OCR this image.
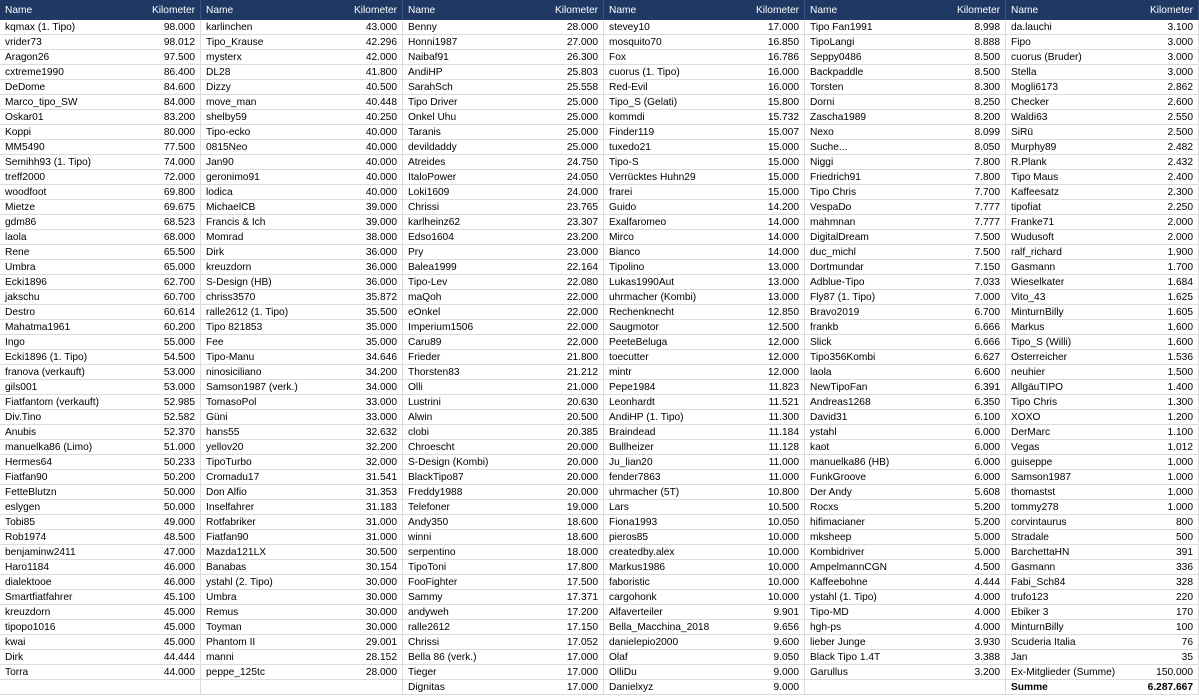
Name	Kilometer
kqmax (1. Tipo)	98.000
vrider73	98.012
Aragon26	97.500
cxtreme1990	86.400
DeDome	84.600
Marco_tipo_SW	84.000
Oskar01	83.200
Koppi	80.000
MM5490	77.500
Semihh93 (1. Tipo)	74.000
treff2000	72.000
woodfoot	69.800
Mietze	69.675
gdm86	68.523
laola	68.000
Rene	65.500
Umbra	65.000
Ecki1896	62.700
jakschu	60.700
Destro	60.614
Mahatma1961	60.200
Ingo	55.000
Ecki1896 (1. Tipo)	54.500
franova (verkauft)	53.000
gils001	53.000
Fiatfantom (verkauft)	52.985
Div.Tino	52.582
Anubis	52.370
manuelka86 (Limo)	51.000
Hermes64	50.233
Fiatfan90	50.200
FetteBlutzn	50.000
eslygen	50.000
Tobi85	49.000
Rob1974	48.500
benjaminw2411	47.000
Haro1184	46.000
dialektooe	46.000
Smartfiatfahrer	45.100
kreuzdorn	45.000
tipopo1016	45.000
kwai	45.000
Dirk	44.444
Torra	44.000
Name	Kilometer
karlinchen	43.000
Tipo_Krause	42.296
mysterx	42.000
DL28	41.800
Dizzy	40.500
move_man	40.448
shelby59	40.250
Tipo-ecko	40.000
0815Neo	40.000
Jan90	40.000
geronimo91	40.000
lodica	40.000
MichaelCB	39.000
Francis & Ich	39.000
Momrad	38.000
Dirk	36.000
kreuzdorn	36.000
S-Design (HB)	36.000
chriss3570	35.872
ralle2612 (1. Tipo)	35.500
Tipo 821853	35.000
Fee	35.000
Tipo-Manu	34.646
ninosiciliano	34.200
Samson1987 (verk.)	34.000
TomasoPol	33.000
Güni	33.000
hans55	32.632
yellov20	32.200
TipoTurbo	32.000
Cromadu17	31.541
Don Alfio	31.353
Inselfahrer	31.183
Rotfabriker	31.000
Fiatfan90	31.000
Mazda121LX	30.500
Banabas	30.154
ystahl (2. Tipo)	30.000
Umbra	30.000
Remus	30.000
Toyman	30.000
Phantom II	29.001
manni	28.152
peppe_125tc	28.000
Name	Kilometer
Benny	28.000
Honni1987	27.000
Naibaf91	26.300
AndiHP	25.803
SarahSch	25.558
Tipo Driver	25.000
Onkel Uhu	25.000
Taranis	25.000
devildaddy	25.000
Atreides	24.750
ItaloPower	24.050
Loki1609	24.000
Chrissi	23.765
karlheinz62	23.307
Edso1604	23.200
Pry	23.000
Balea1999	22.164
Tipo-Lev	22.080
maQoh	22.000
eOnkel	22.000
Imperium1506	22.000
Caru89	22.000
Frieder	21.800
Thorsten83	21.212
Olli	21.000
Lustrini	20.630
Alwin	20.500
clobi	20.385
Chroescht	20.000
S-Design (Kombi)	20.000
BlackTipo87	20.000
Freddy1988	20.000
Telefoner	19.000
Andy350	18.600
winni	18.600
serpentino	18.000
TipoToni	17.800
FooFighter	17.500
Sammy	17.371
andyweh	17.200
ralle2612	17.150
Chrissi	17.052
Bella 86 (verk.)	17.000
Tieger	17.000
Dignitas	17.000
Name	Kilometer
stevey10	17.000
mosquito70	16.850
Fox	16.786
cuorus (1. Tipo)	16.000
Red-Evil	16.000
Tipo_S (Gelati)	15.800
kommdi	15.732
Finder119	15.007
tuxedo21	15.000
Tipo-S	15.000
Verrücktes Huhn29	15.000
frarei	15.000
Guido	14.200
Exalfaromeo	14.000
Mirco	14.000
Bianco	14.000
Tipolino	13.000
Lukas1990Aut	13.000
uhrmacher (Kombi)	13.000
Rechenknecht	12.850
Saugmotor	12.500
PeeteBeluga	12.000
toecutter	12.000
mintr	12.000
Pepe1984	11.823
Leonhardt	11.521
AndiHP (1. Tipo)	11.300
Braindead	11.184
Bullheizer	11.128
Ju_lian20	11.000
fender7863	11.000
uhrmacher (5T)	10.800
Lars	10.500
Fiona1993	10.050
pieros85	10.000
createdby.alex	10.000
Markus1986	10.000
faboristic	10.000
cargohonk	10.000
Alfaverteiler	9.901
Bella_Macchina_2018	9.656
danielepio2000	9.600
Olaf	9.050
OlliDu	9.000
Danielxyz	9.000
Name	Kilometer
Tipo Fan1991	8.998
TipoLangi	8.888
Seppy0486	8.500
Backpaddle	8.500
Torsten	8.300
Dorni	8.250
Zascha1989	8.200
Nexo	8.099
Suche...	8.050
Niggi	7.800
Friedrich91	7.800
Tipo Chris	7.700
VespaDo	7.777
mahmnan	7.777
DigitalDream	7.500
duc_michl	7.500
Dortmundar	7.150
Adblue-Tipo	7.033
Fly87 (1. Tipo)	7.000
Bravo2019	6.700
frankb	6.666
Slick	6.666
Tipo356Kombi	6.627
laola	6.600
NewTipoFan	6.391
Andreas1268	6.350
David31	6.100
ystahl	6.000
kaot	6.000
manuelka86 (HB)	6.000
FunkGroove	6.000
Der Andy	5.608
Rocxs	5.200
hifimacianer	5.200
mksheep	5.000
Kombidriver	5.000
AmpelmannCGN	4.500
Kaffeebohne	4.444
ystahl (1. Tipo)	4.000
Tipo-MD	4.000
hgh-ps	4.000
lieber Junge	3.930
Black Tipo 1.4T	3.388
Garullus	3.200
Name	Kilometer
da.lauchi	3.100
Fipo	3.000
cuorus (Bruder)	3.000
Stella	3.000
Mogli6173	2.862
Checker	2.600
Waldi63	2.550
SiRü	2.500
Murphy89	2.482
R.Plank	2.432
Tipo Maus	2.400
Kaffeesatz	2.300
tipofiat	2.250
Franke71	2.000
Wudusoft	2.000
ralf_richard	1.900
Gasmann	1.700
Wieselkater	1.684
Vito_43	1.625
MinturnBilly	1.605
Markus	1.600
Tipo_S (Willi)	1.600
Österreicher	1.536
neuhier	1.500
AllgäuTIPO	1.400
Tipo Chris	1.300
XOXO	1.200
DerMarc	1.100
Vegas	1.012
guiseppe	1.000
Samson1987	1.000
thomastst	1.000
tommy278	1.000
corvintaurus	800
Stradale	500
BarchettaHN	391
Gasmann	336
Fabi_Sch84	328
trufo123	220
Ebiker 3	170
MinturnBilly	100
Scuderia Italia	76
Jan	35
Ex-Mitglieder (Summe)	150.000
Summe	6.287.667
